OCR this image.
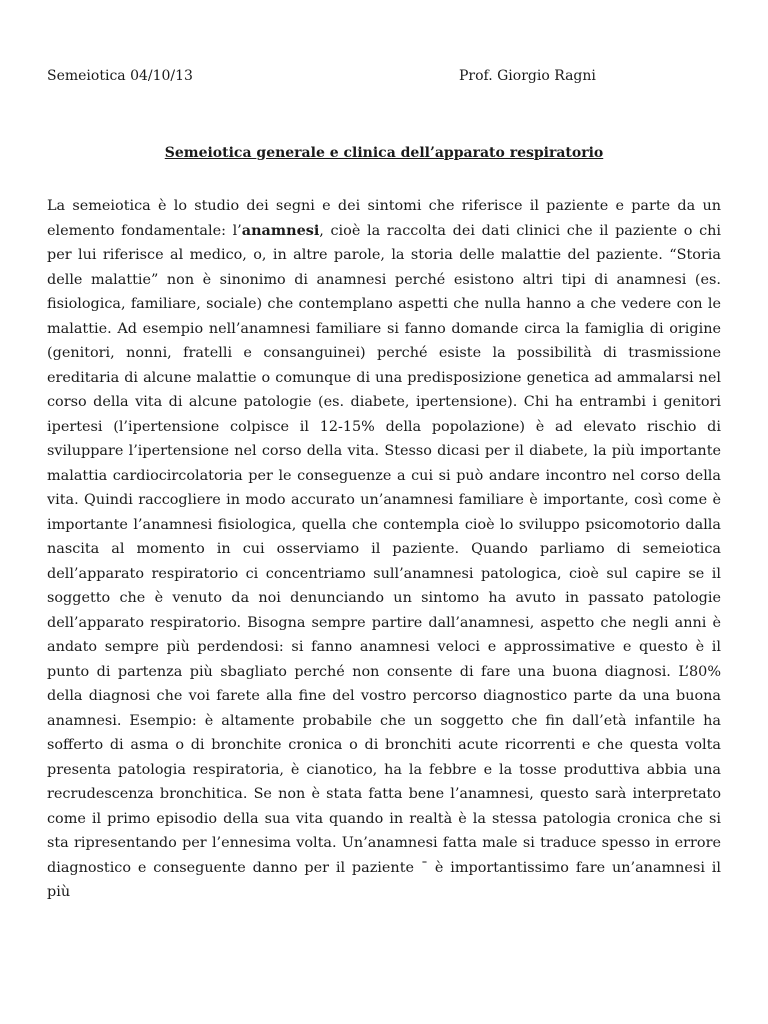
Semeiotica 04/10/13	Prof. Giorgio Ragni
Semeiotica generale e clinica dell’apparato respiratorio

La semeiotica è lo studio dei segni e dei sintomi che riferisce il paziente e parte da un elemento fondamentale: l’anamnesi, cioè la raccolta dei dati clinici che il paziente o chi per lui riferisce al medico, o, in altre parole, la storia delle malattie del paziente. “Storia delle malattie” non è sinonimo di anamnesi perché esistono altri tipi di anamnesi (es. fisiologica, familiare, sociale) che contemplano aspetti che nulla hanno a che vedere con le malattie. Ad esempio nell’anamnesi familiare si fanno domande circa la famiglia di origine (genitori, nonni, fratelli e consanguinei) perché esiste la possibilità di trasmissione ereditaria di alcune malattie o comunque di una predisposizione genetica ad ammalarsi nel corso della vita di alcune patologie (es. diabete, ipertensione). Chi ha entrambi i genitori ipertesi (l’ipertensione colpisce il 12-15% della popolazione) è ad elevato rischio di sviluppare l’ipertensione nel corso della vita. Stesso dicasi per il diabete, la più importante malattia cardiocircolatoria per le conseguenze a cui si può andare incontro nel corso della vita. Quindi raccogliere in modo accurato un’anamnesi familiare è importante, così come è importante l’anamnesi fisiologica, quella che contempla cioè lo sviluppo psicomotorio dalla nascita al momento in cui osserviamo il paziente. Quando parliamo di semeiotica dell’apparato respiratorio ci concentriamo sull’anamnesi patologica, cioè sul capire se il soggetto che è venuto da noi denunciando un sintomo ha avuto in passato patologie dell’apparato respiratorio. Bisogna sempre partire dall’anamnesi, aspetto che negli anni è andato sempre più perdendosi: si fanno anamnesi veloci e approssimative e questo è il punto di partenza più sbagliato perché non consente di fare una buona diagnosi. L’80% della diagnosi che voi farete alla fine del vostro percorso diagnostico parte da una buona anamnesi. Esempio: è altamente probabile che un soggetto che fin dall’età infantile ha sofferto di asma o di bronchite cronica o di bronchiti acute ricorrenti e che questa volta presenta patologia respiratoria, è cianotico, ha la febbre e la tosse produttiva abbia una recrudescenza bronchitica. Se non è stata fatta bene l’anamnesi, questo sarà interpretato come il primo episodio della sua vita quando in realtà è la stessa patologia cronica che si sta ripresentando per l’ennesima volta. Un’anamnesi fatta male si traduce spesso in errore diagnostico e conseguente danno per il paziente ¯ è importantissimo fare un’anamnesi il più
